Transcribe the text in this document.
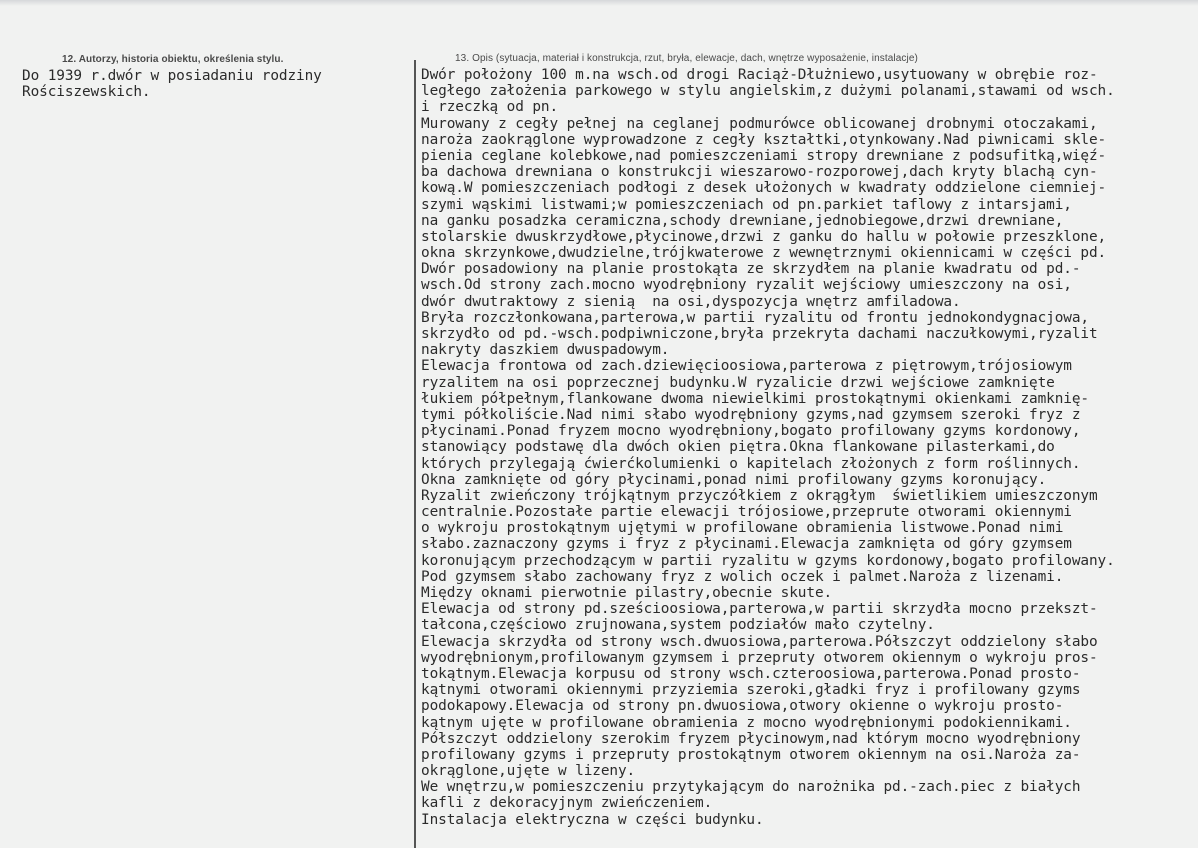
12. Autorzy, historia obiektu, określenia stylu.
Do 1939 r.dwór w posiadaniu rodziny
Rościszewskich.
13. Opis (sytuacja, materiał i konstrukcja, rzut, bryła, elewacje, dach, wnętrze wyposażenie, instalacje)
Dwór położony 100 m.na wsch.od drogi Raciąż-Dłużniewo,usytuowany w obrębie roz-
ległego założenia parkowego w stylu angielskim,z dużymi polanami,stawami od wsch.
i rzeczką od pn.
Murowany z cegły pełnej na ceglanej podmurówce oblicowanej drobnymi otoczakami,
naroża zaokrąglone wyprowadzone z cegły kształtki,otynkowany.Nad piwnicami skle-
pienia ceglane kolebkowe,nad pomieszczeniami stropy drewniane z podsufitką,więź-
ba dachowa drewniana o konstrukcji wieszarowo-rozporowej,dach kryty blachą cyn-
kową.W pomieszczeniach podłogi z desek ułożonych w kwadraty oddzielone ciemniej-
szymi wąskimi listwami;w pomieszczeniach od pn.parkiet taflowy z intarsjami,
na ganku posadzka ceramiczna,schody drewniane,jednobiegowe,drzwi drewniane,
stolarskie dwuskrzydłowe,płycinowe,drzwi z ganku do hallu w połowie przeszklone,
okna skrzynkowe,dwudzielne,trójkwaterowe z wewnętrznymi okiennicami w części pd.
Dwór posadowiony na planie prostokąta ze skrzydłem na planie kwadratu od pd.-
wsch.Od strony zach.mocno wyodrębniony ryzalit wejściowy umieszczony na osi,
dwór dwutraktowy z sienią  na osi,dyspozycja wnętrz amfiladowa.
Bryła rozczłonkowana,parterowa,w partii ryzalitu od frontu jednokondygnacjowa,
skrzydło od pd.-wsch.podpiwniczone,bryła przekryta dachami naczułkowymi,ryzalit
nakryty daszkiem dwuspadowym.
Elewacja frontowa od zach.dziewięcioosiowa,parterowa z piętrowym,trójosiowym
ryzalitem na osi poprzecznej budynku.W ryzalicie drzwi wejściowe zamknięte
łukiem półpełnym,flankowane dwoma niewielkimi prostokątnymi okienkami zamknię-
tymi półkoliście.Nad nimi słabo wyodrębniony gzyms,nad gzymsem szeroki fryz z
płycinami.Ponad fryzem mocno wyodrębniony,bogato profilowany gzyms kordonowy,
stanowiący podstawę dla dwóch okien piętra.Okna flankowane pilasterkami,do
których przylegają ćwierćkolumienki o kapitelach złożonych z form roślinnych.
Okna zamknięte od góry płycinami,ponad nimi profilowany gzyms koronujący.
Ryzalit zwieńczony trójkątnym przyczółkiem z okrągłym  świetlikiem umieszczonym
centralnie.Pozostałe partie elewacji trójosiowe,przeprute otworami okiennymi
o wykroju prostokątnym ujętymi w profilowane obramienia listwowe.Ponad nimi
słabo.zaznaczony gzyms i fryz z płycinami.Elewacja zamknięta od góry gzymsem
koronującym przechodzącym w partii ryzalitu w gzyms kordonowy,bogato profilowany.
Pod gzymsem słabo zachowany fryz z wolich oczek i palmet.Naroża z lizenami.
Między oknami pierwotnie pilastry,obecnie skute.
Elewacja od strony pd.sześcioosiowa,parterowa,w partii skrzydła mocno przekszt-
tałcona,częściowo zrujnowana,system podziałów mało czytelny.
Elewacja skrzydła od strony wsch.dwuosiowa,parterowa.Półszczyt oddzielony słabo
wyodrębnionym,profilowanym gzymsem i przepruty otworem okiennym o wykroju pros-
tokątnym.Elewacja korpusu od strony wsch.czteroosiowa,parterowa.Ponad prosto-
kątnymi otworami okiennymi przyziemia szeroki,gładki fryz i profilowany gzyms
podokapowy.Elewacja od strony pn.dwuosiowa,otwory okienne o wykroju prosto-
kątnym ujęte w profilowane obramienia z mocno wyodrębnionymi podokiennikami.
Półszczyt oddzielony szerokim fryzem płycinowym,nad którym mocno wyodrębniony
profilowany gzyms i przepruty prostokątnym otworem okiennym na osi.Naroża za-
okrąglone,ujęte w lizeny.
We wnętrzu,w pomieszczeniu przytykającym do narożnika pd.-zach.piec z białych
kafli z dekoracyjnym zwieńczeniem.
Instalacja elektryczna w części budynku.
